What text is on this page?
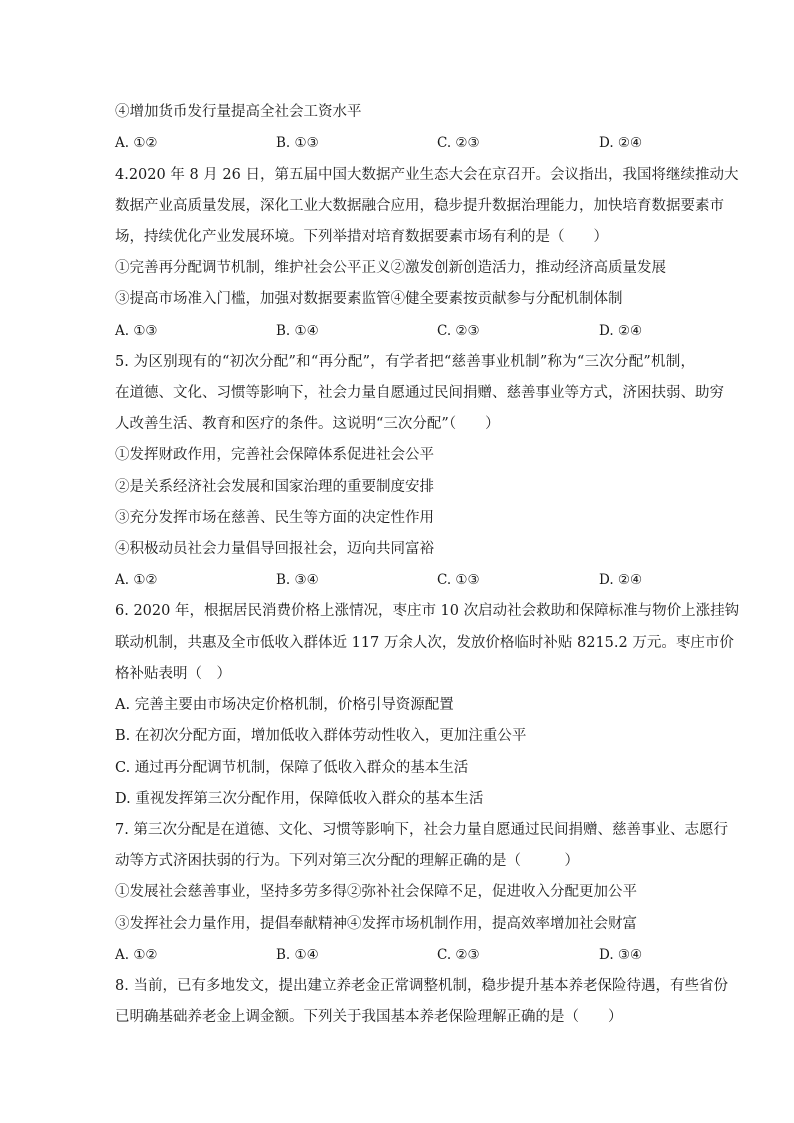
④增加货币发行量提高全社会工资水平
A. ①②	B. ①③	C. ②③	D. ②④
4.2020 年 8 月 26 日，第五届中国大数据产业生态大会在京召开。会议指出，我国将继续推动大
数据产业高质量发展，深化工业大数据融合应用，稳步提升数据治理能力，加快培育数据要素市
场，持续优化产业发展环境。下列举措对培育数据要素市场有利的是（　　）
①完善再分配调节机制，维护社会公平正义②激发创新创造活力，推动经济高质量发展
③提高市场准入门槛，加强对数据要素监管④健全要素按贡献参与分配机制体制
A. ①③	B. ①④	C. ②③	D. ②④
5. 为区别现有的“初次分配”和“再分配”，有学者把“慈善事业机制”称为“三次分配”机制，
在道德、文化、习惯等影响下，社会力量自愿通过民间捐赠、慈善事业等方式，济困扶弱、助穷
人改善生活、教育和医疗的条件。这说明“三次分配”（　　）
①发挥财政作用，完善社会保障体系促进社会公平
②是关系经济社会发展和国家治理的重要制度安排
③充分发挥市场在慈善、民生等方面的决定性作用
④积极动员社会力量倡导回报社会，迈向共同富裕
A. ①②	B. ③④	C. ①③	D. ②④
6. 2020 年，根据居民消费价格上涨情况，枣庄市 10 次启动社会救助和保障标准与物价上涨挂钩
联动机制，共惠及全市低收入群体近 117 万余人次，发放价格临时补贴 8215.2 万元。枣庄市价
格补贴表明（　）
A. 完善主要由市场决定价格机制，价格引导资源配置
B. 在初次分配方面，增加低收入群体劳动性收入，更加注重公平
C. 通过再分配调节机制，保障了低收入群众的基本生活
D. 重视发挥第三次分配作用，保障低收入群众的基本生活
7. 第三次分配是在道德、文化、习惯等影响下，社会力量自愿通过民间捐赠、慈善事业、志愿行
动等方式济困扶弱的行为。下列对第三次分配的理解正确的是（　　　）
①发展社会慈善事业，坚持多劳多得②弥补社会保障不足，促进收入分配更加公平
③发挥社会力量作用，提倡奉献精神④发挥市场机制作用，提高效率增加社会财富
A. ①②	B. ①④	C. ②③	D. ③④
8. 当前，已有多地发文，提出建立养老金正常调整机制，稳步提升基本养老保险待遇，有些省份
已明确基础养老金上调金额。下列关于我国基本养老保险理解正确的是（　　）
